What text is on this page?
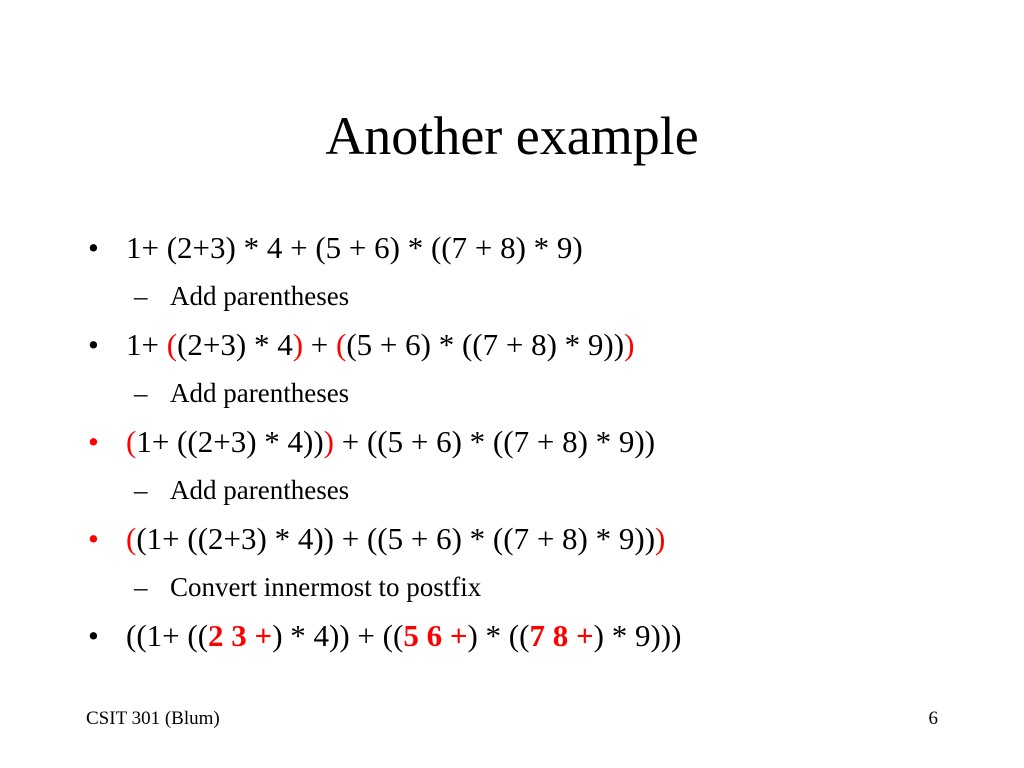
Another example
• 1+ (2+3) * 4 + (5 + 6) * ((7 + 8) * 9)
– Add parentheses
• 1+ ((2+3) * 4) + ((5 + 6) * ((7 + 8) * 9)))
– Add parentheses
• (1+ ((2+3) * 4))) + ((5 + 6) * ((7 + 8) * 9))
– Add parentheses
• ((1+ ((2+3) * 4)) + ((5 + 6) * ((7 + 8) * 9)))
– Convert innermost to postfix
• ((1+ ((2 3 +) * 4)) + ((5 6 +) * ((7 8 +) * 9)))
CSIT 301 (Blum)	6
